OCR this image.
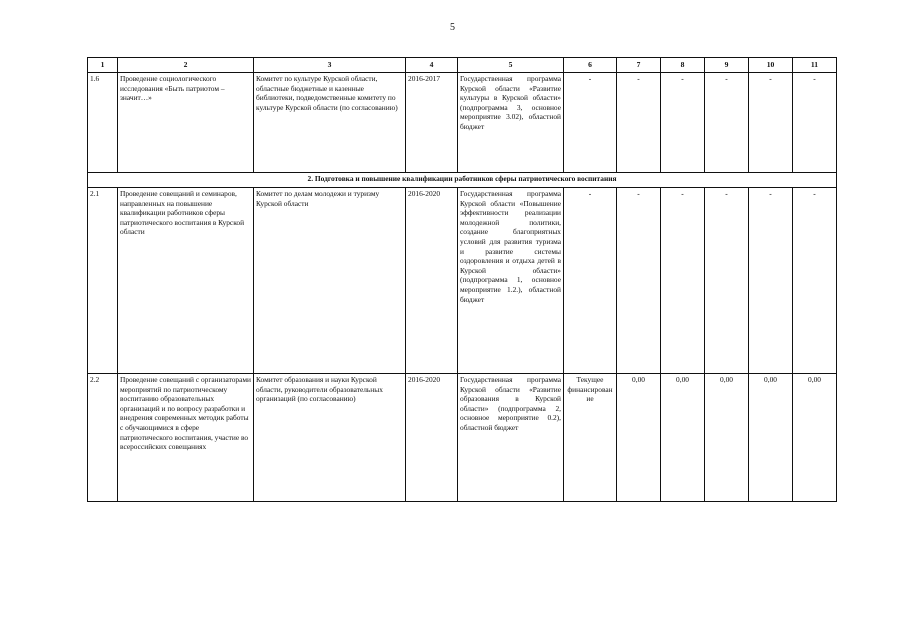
5
1	2	3	4	5	6	7	8	9	10	11
1.6	Проведение социологического исследования «Быть патриотом – значит…»	Комитет по культуре Курской области, областные бюджетные и казенные библиотеки, подведомственные комитету по культуре Курской области (по согласованию)	2016-2017	Государственная программа Курской области «Развитие культуры в Курской области» (подпрограмма 3, основное мероприятие 3.02), областной бюджет	-	-	-	-	-	-
2. Подготовка и повышение квалификации работников сферы патриотического воспитания										
2.1	Проведение совещаний и семинаров, направленных на повышение квалификации работников сферы патриотического воспитания в Курской области	Комитет по делам молодежи и туризму Курской области	2016-2020	Государственная программа Курской области «Повышение эффективности реализации молодежной политики, создание благоприятных условий для развития туризма и развитие системы оздоровления и отдыха детей в Курской области» (подпрограмма 1, основное мероприятие 1.2.), областной бюджет	-	-	-	-	-	-
2.2	Проведение совещаний с организаторами мероприятий по патриотическому воспитанию образовательных организаций и по вопросу разработки и внедрения современных методик работы с обучающимися в сфере патриотического воспитания, участие во всероссийских совещаниях	Комитет образования и науки Курской области, руководители образовательных организаций (по согласованию)	2016-2020	Государственная программа Курской области «Развитие образования в Курской области» (подпрограмма 2, основное мероприятие 0.2), областной бюджет	Текущее финансирование	0,00	0,00	0,00	0,00	0,00
